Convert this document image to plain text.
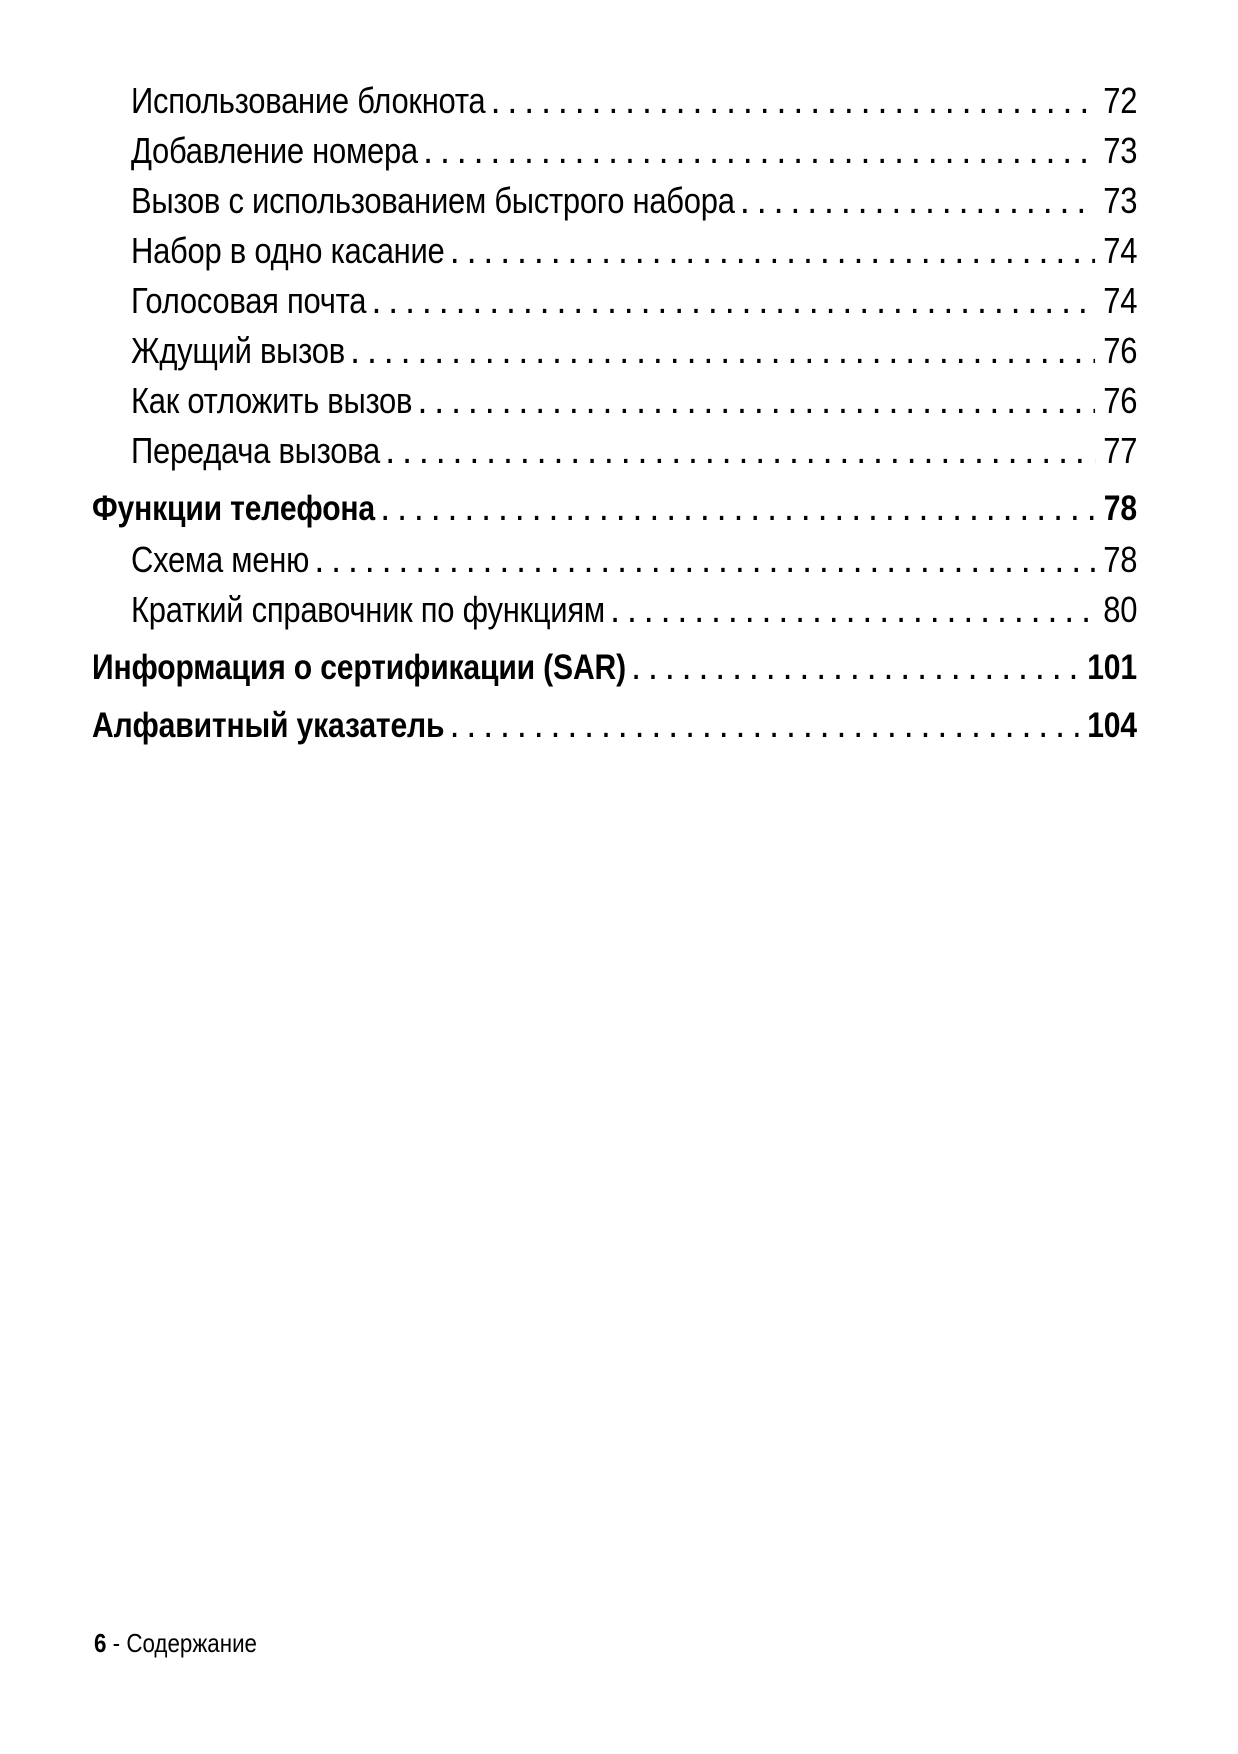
Использование блокнота . . .	72
Добавление номера . . .	73
Вызов с использованием быстрого набора . . .	73
Набор в одно касание . . .	74
Голосовая почта . . .	74
Ждущий вызов . . .	76
Как отложить вызов . . .	76
Передача вызова . . .	77
Функции телефона . . .	78
Схема меню . . .	78
Краткий справочник по функциям . . .	80
Информация о сертификации (SAR) . . .	101
Алфавитный указатель . . .	104
6 - Содержание
